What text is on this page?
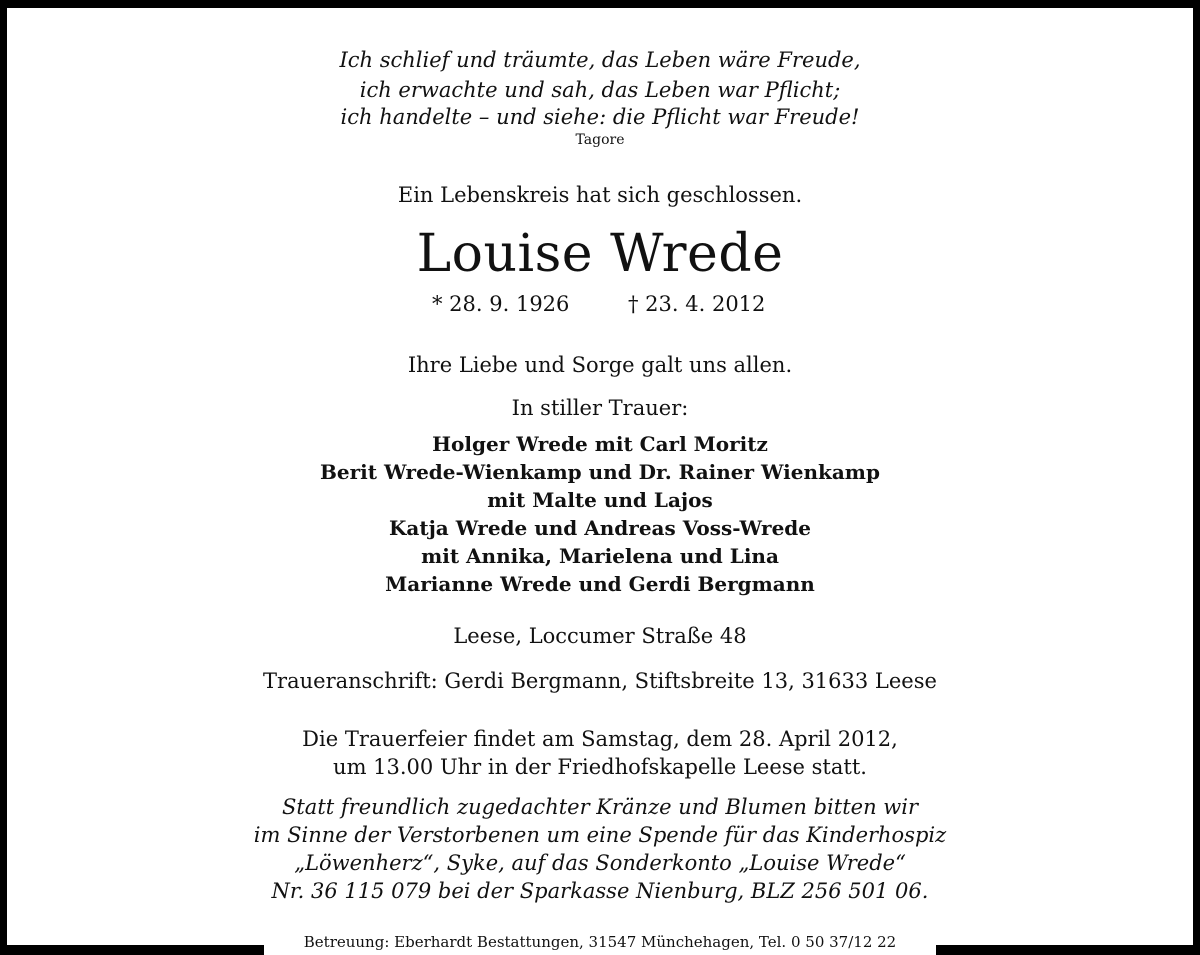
Ich schlief und träumte, das Leben wäre Freude,
ich erwachte und sah, das Leben war Pflicht;
ich handelte – und siehe: die Pflicht war Freude!
Tagore
Ein Lebenskreis hat sich geschlossen.
Louise Wrede
* 28. 9. 1926	† 23. 4. 2012
Ihre Liebe und Sorge galt uns allen.
In stiller Trauer:
Holger Wrede mit Carl Moritz
Berit Wrede-Wienkamp und Dr. Rainer Wienkamp
mit Malte und Lajos
Katja Wrede und Andreas Voss-Wrede
mit Annika, Marielena und Lina
Marianne Wrede und Gerdi Bergmann
Leese, Loccumer Straße 48
Traueranschrift: Gerdi Bergmann, Stiftsbreite 13, 31633 Leese
Die Trauerfeier findet am Samstag, dem 28. April 2012,
um 13.00 Uhr in der Friedhofskapelle Leese statt.
Statt freundlich zugedachter Kränze und Blumen bitten wir
im Sinne der Verstorbenen um eine Spende für das Kinderhospiz
„Löwenherz“, Syke, auf das Sonderkonto „Louise Wrede“
Nr. 36 115 079 bei der Sparkasse Nienburg, BLZ 256 501 06.
Betreuung: Eberhardt Bestattungen, 31547 Münchehagen, Tel. 0 50 37/12 22
